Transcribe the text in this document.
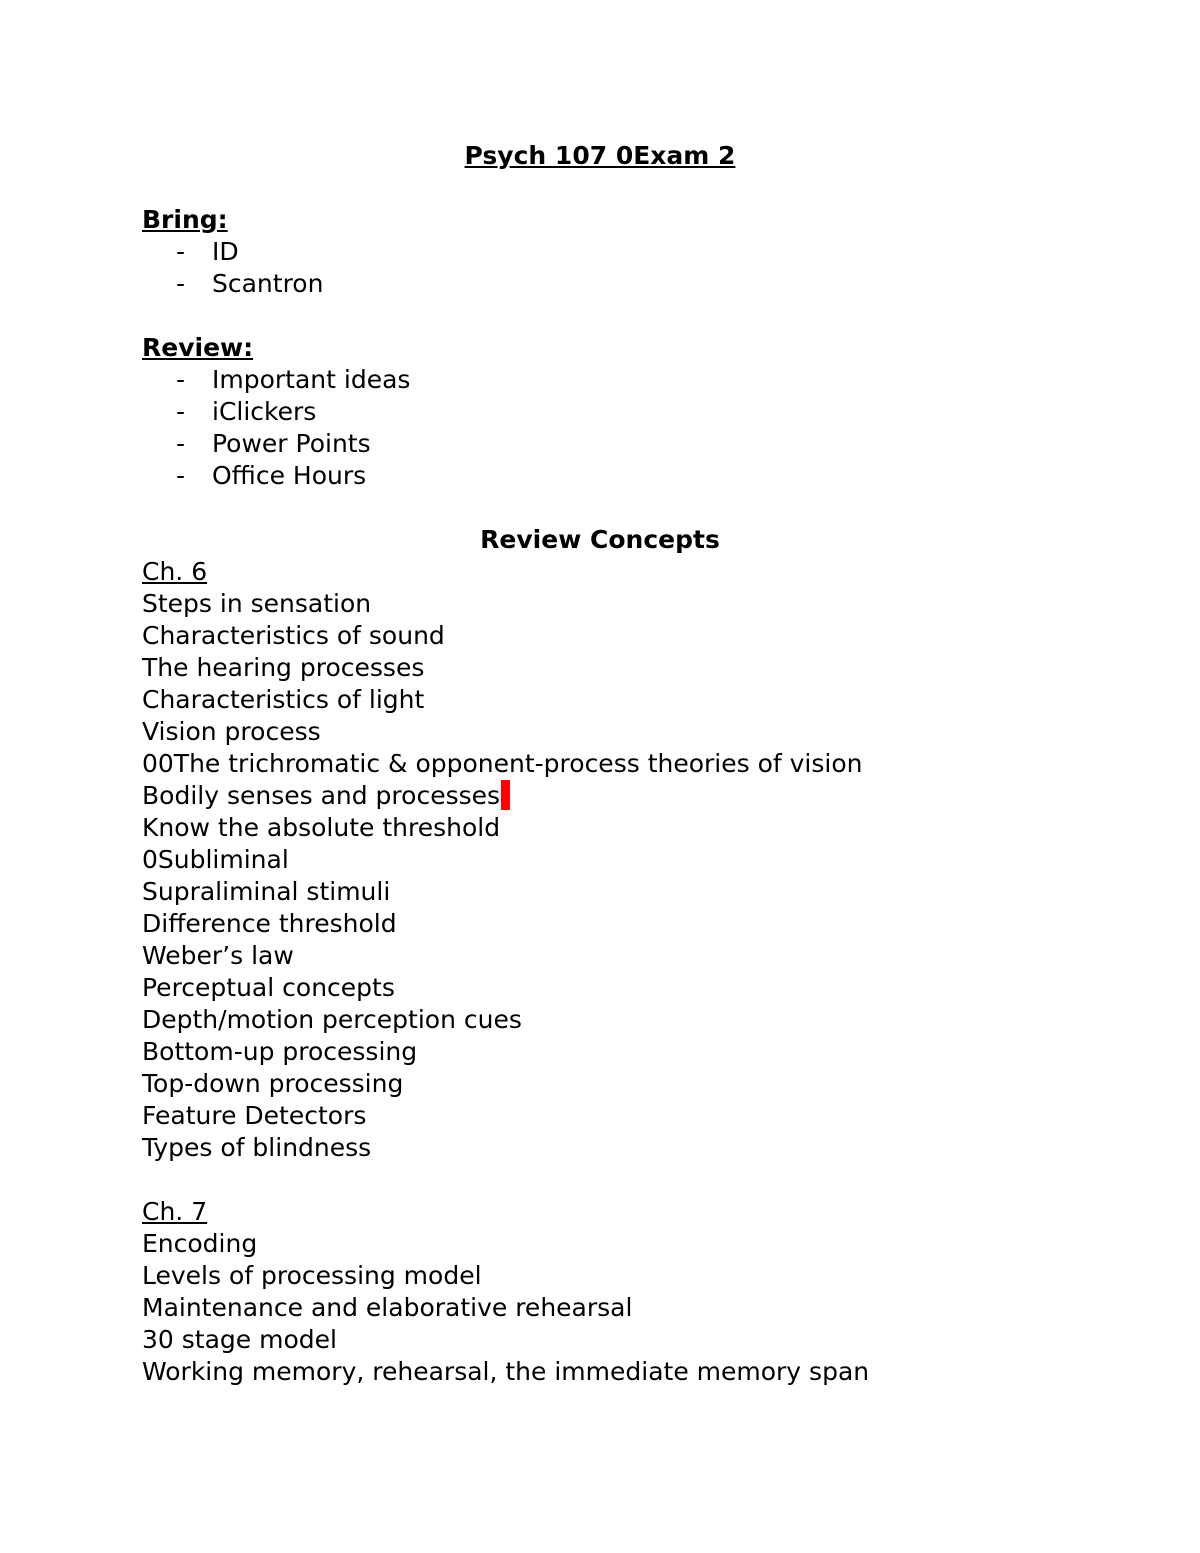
Psych 107 0Exam 2
Bring:
-	ID
-	Scantron
Review:
-	Important ideas
-	iClickers
-	Power Points
-	Office Hours
Review Concepts
Ch. 6
Steps in sensation
Characteristics of sound
The hearing processes
Characteristics of light
Vision process
00The trichromatic & opponent-process theories of vision
Bodily senses and processes
Know the absolute threshold
0Subliminal
Supraliminal stimuli
Difference threshold
Weber’s law
Perceptual concepts
Depth/motion perception cues
Bottom-up processing
Top-down processing
Feature Detectors
Types of blindness
Ch. 7
Encoding
Levels of processing model
Maintenance and elaborative rehearsal
30 stage model
Working memory, rehearsal, the immediate memory span
